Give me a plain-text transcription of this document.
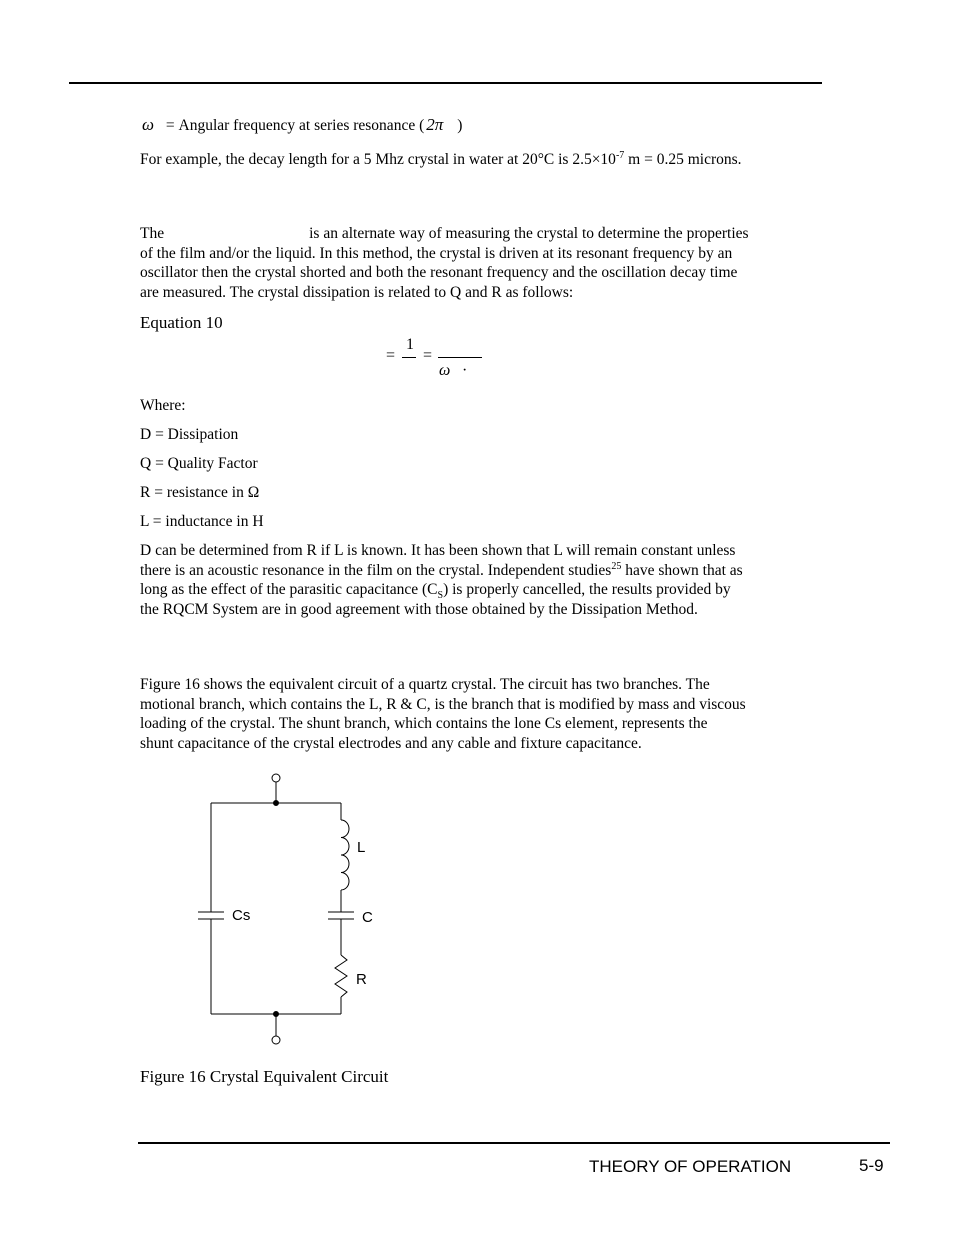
ω = Angular frequency at series resonance ( 2π )
For example, the decay length for a 5 Mhz crystal in water at 20°C is $2.5\times 10^{-7}$ m = 0.25 microns.
The	is an alternate way of measuring the crystal to determine the properties
of the film and/or the liquid. In this method, the crystal is driven at its resonant frequency by an
oscillator then the crystal shorted and both the resonant frequency and the oscillation decay time
are measured. The crystal dissipation is related to Q and R as follows:
Equation 10
=
1
=
ω ·
Where:
D = Dissipation
Q = Quality Factor
R = resistance in Ω
L = inductance in H
D can be determined from R if L is known. It has been shown that L will remain constant unless
there is an acoustic resonance in the film on the crystal. Independent studies$^{25}$ have shown that as
long as the effect of the parasitic capacitance $(C_S)$ is properly cancelled, the results provided by
the RQCM System are in good agreement with those obtained by the Dissipation Method.
Figure 16 shows the equivalent circuit of a quartz crystal. The circuit has two branches. The
motional branch, which contains the L, R & C, is the branch that is modified by mass and viscous
loading of the crystal. The shunt branch, which contains the lone Cs element, represents the
shunt capacitance of the crystal electrodes and any cable and fixture capacitance.
Cs
L
C
R
Figure 16 Crystal Equivalent Circuit
THEORY OF OPERATION	5-9
